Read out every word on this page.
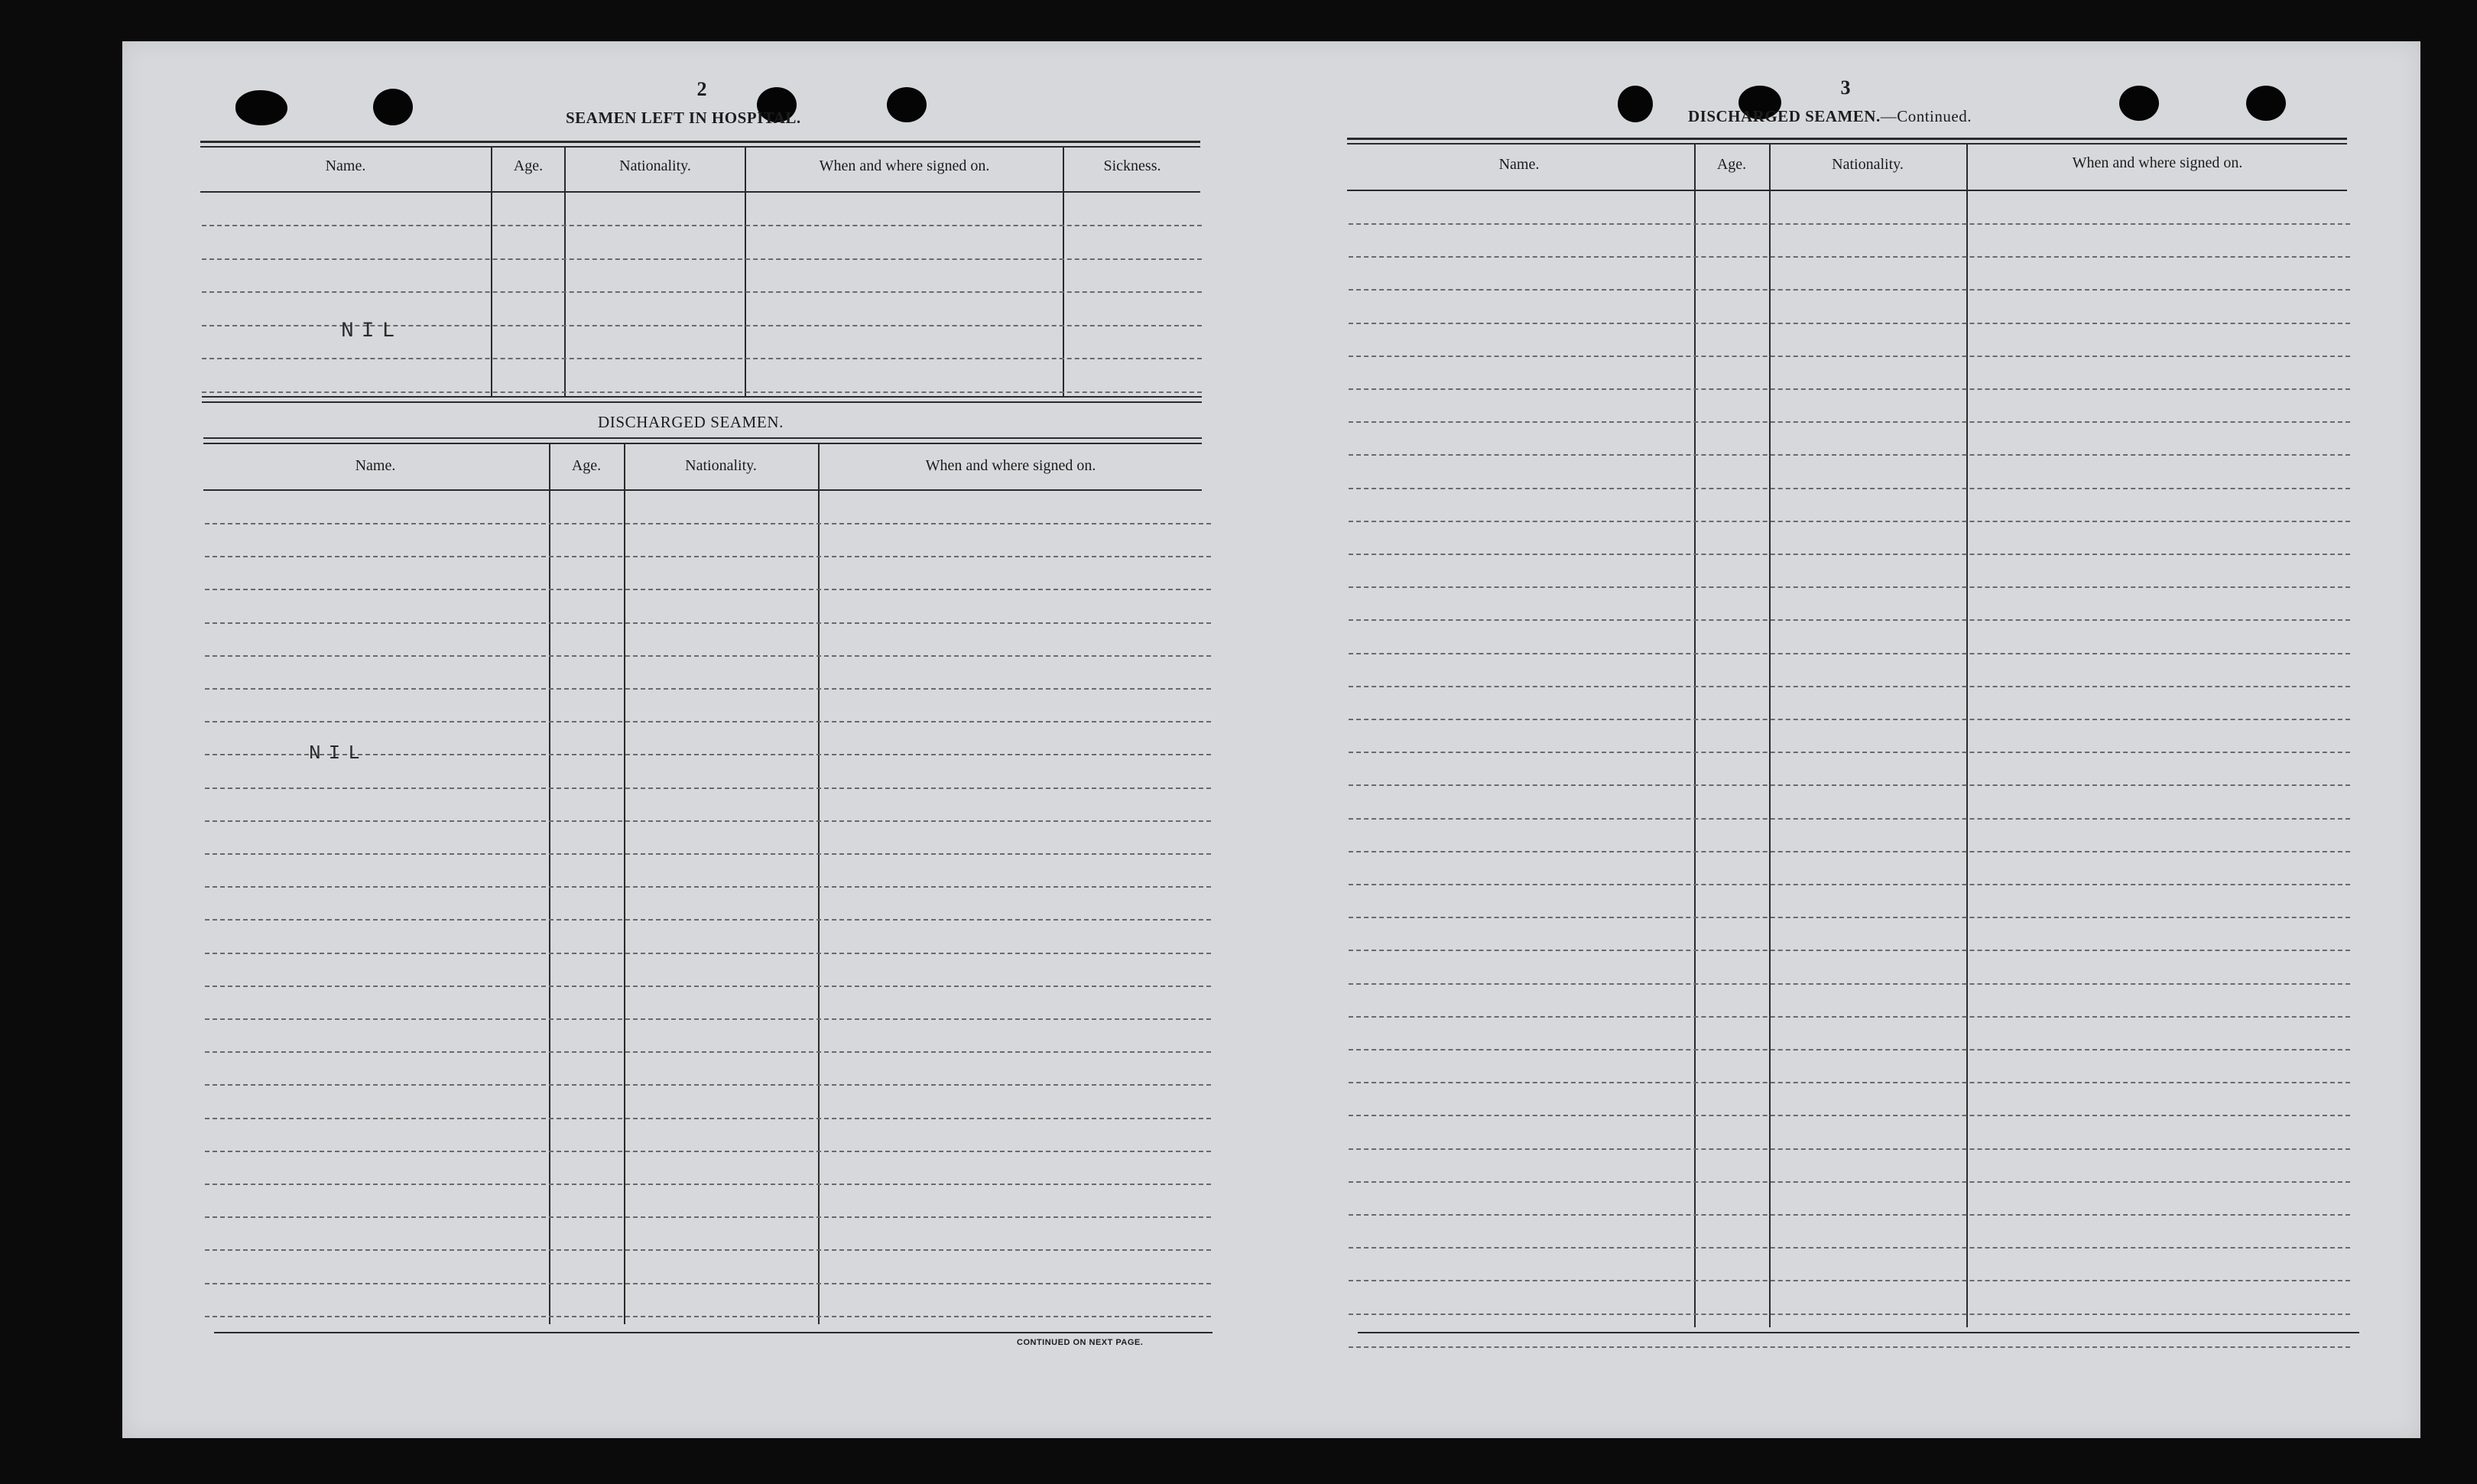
2
SEAMEN LEFT IN HOSPITAL.
Name.	Age.	Nationality.	When and where signed on.	Sickness.
NIL
DISCHARGED SEAMEN.
Name.	Age.	Nationality.	When and where signed on.
NIL
CONTINUED ON NEXT PAGE.
3
DISCHARGED SEAMEN.—Continued.
Name.	Age.	Nationality.	When and where signed on.
